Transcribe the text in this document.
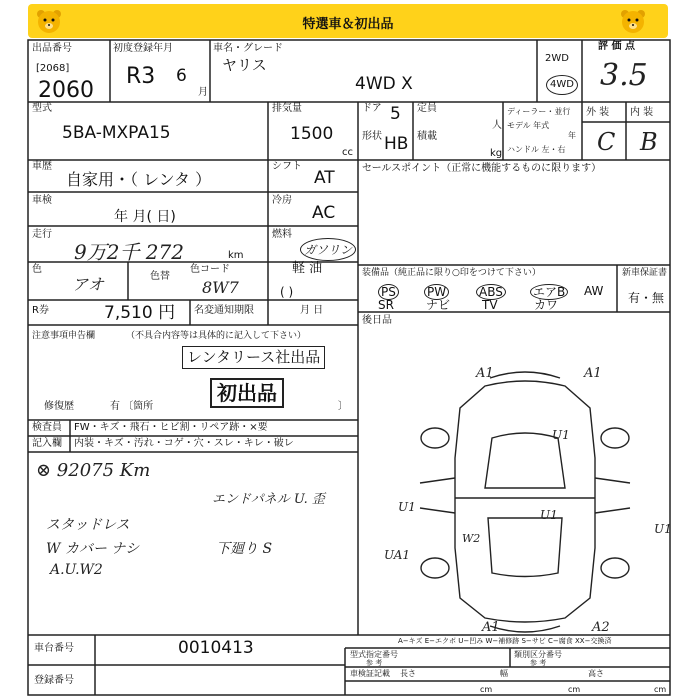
特選車＆初出品
出品番号
[2068]
2060
初度登録年月
R3 6
月
車名・グレード
ヤリス
4WD X
2WD
4WD
評 価 点
3.5
型式
5BA-MXPA15
排気量
1500
cc
ドア 5
形状 HB
定員
人
積載
kg
ディーラー・並行
モデル 年式
年
ハンドル 左・右
外 装 内 装
C B
車歴
自家用・（ レンタ ）
シフト
AT
車検
年 月( 日)
冷房
AC
走行
9万2千 272	km
燃料
ガソリン
軽 油
色
アオ	色替
色コード
8W7	( )
R券	7,510 円 名変通知期限	月 日
注意事項申告欄	（不具合内容等は具体的に記入して下さい）
レンタリース社出品
初出品
修復歴	有 〔箇所	〕
検査員
記入欄
FW・キズ・飛石・ヒビ割・リペア跡・×要
内装・キズ・汚れ・コゲ・穴・スレ・キレ・破レ
⊗ 92075 Km
エンドパネル U. 歪
スタッドレス
W カバー ナシ	下廻り S
A.U.W2
セールスポイント（正常に機能するものに限ります）
装備品（純正品に限り○印をつけて下さい）
PS	PW	ABS	エアB AW
SR	ナビ	TV	カワ
新車保証書
有・無
後日品
A1	A1
U1
U1
U1
U1
W2
UA1
A1	A2
A−キズ E−エクボ U−凹み W−補修跡 S−サビ C−腐食 XX−交換済
車台番号	0010413
登録番号
型式指定番号
参 考
類別区分番号
参 考
車検証記載 長さ
cm
幅
cm
高さ
cm
